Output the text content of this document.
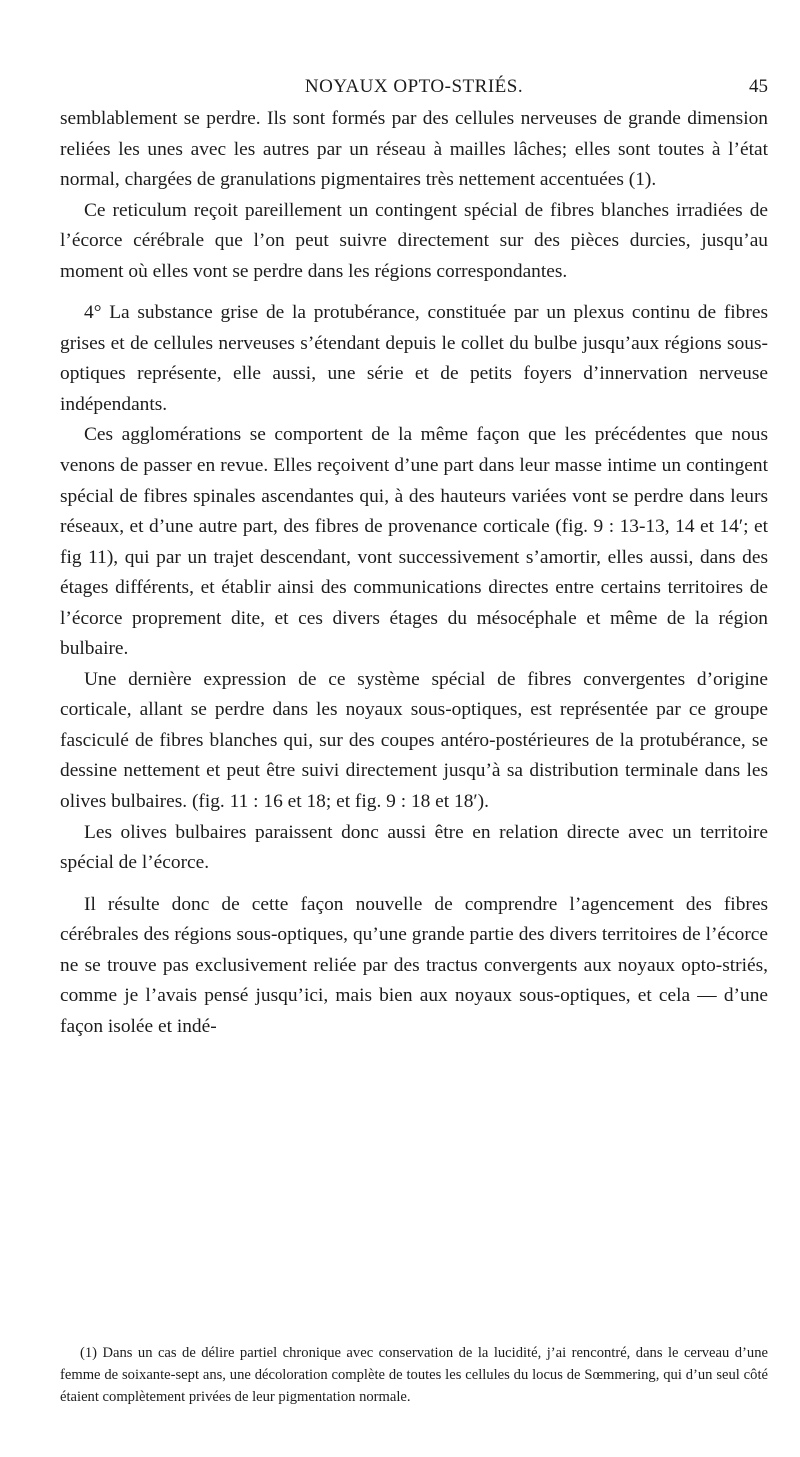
NOYAUX OPTO-STRIÉS.	45

semblablement se perdre. Ils sont formés par des cellules nerveuses de grande dimension reliées les unes avec les autres par un réseau à mailles lâches; elles sont toutes à l’état normal, chargées de granulations pigmentaires très nettement accentuées (1).

Ce reticulum reçoit pareillement un contingent spécial de fibres blanches irradiées de l’écorce cérébrale que l’on peut suivre directement sur des pièces durcies, jusqu’au moment où elles vont se perdre dans les régions correspondantes.

4° La substance grise de la protubérance, constituée par un plexus continu de fibres grises et de cellules nerveuses s’étendant depuis le collet du bulbe jusqu’aux régions sous-optiques représente, elle aussi, une série et de petits foyers d’innervation nerveuse indépendants.

Ces agglomérations se comportent de la même façon que les précédentes que nous venons de passer en revue. Elles reçoivent d’une part dans leur masse intime un contingent spécial de fibres spinales ascendantes qui, à des hauteurs variées vont se perdre dans leurs réseaux, et d’une autre part, des fibres de provenance corticale (fig. 9 : 13-13, 14 et 14′; et fig 11), qui par un trajet descendant, vont successivement s’amortir, elles aussi, dans des étages différents, et établir ainsi des communications directes entre certains territoires de l’écorce proprement dite, et ces divers étages du mésocéphale et même de la région bulbaire.

Une dernière expression de ce système spécial de fibres convergentes d’origine corticale, allant se perdre dans les noyaux sous-optiques, est représentée par ce groupe fasciculé de fibres blanches qui, sur des coupes antéro-postérieures de la protubérance, se dessine nettement et peut être suivi directement jusqu’à sa distribution terminale dans les olives bulbaires. (fig. 11 : 16 et 18; et fig. 9 : 18 et 18′).

Les olives bulbaires paraissent donc aussi être en relation directe avec un territoire spécial de l’écorce.

Il résulte donc de cette façon nouvelle de comprendre l’agencement des fibres cérébrales des régions sous-optiques, qu’une grande partie des divers territoires de l’écorce ne se trouve pas exclusivement reliée par des tractus convergents aux noyaux opto-striés, comme je l’avais pensé jusqu’ici, mais bien aux noyaux sous-optiques, et cela — d’une façon isolée et indé-

(1) Dans un cas de délire partiel chronique avec conservation de la lucidité, j’ai rencontré, dans le cerveau d’une femme de soixante-sept ans, une décoloration complète de toutes les cellules du locus de Sœmmering, qui d’un seul côté étaient complètement privées de leur pigmentation normale.
